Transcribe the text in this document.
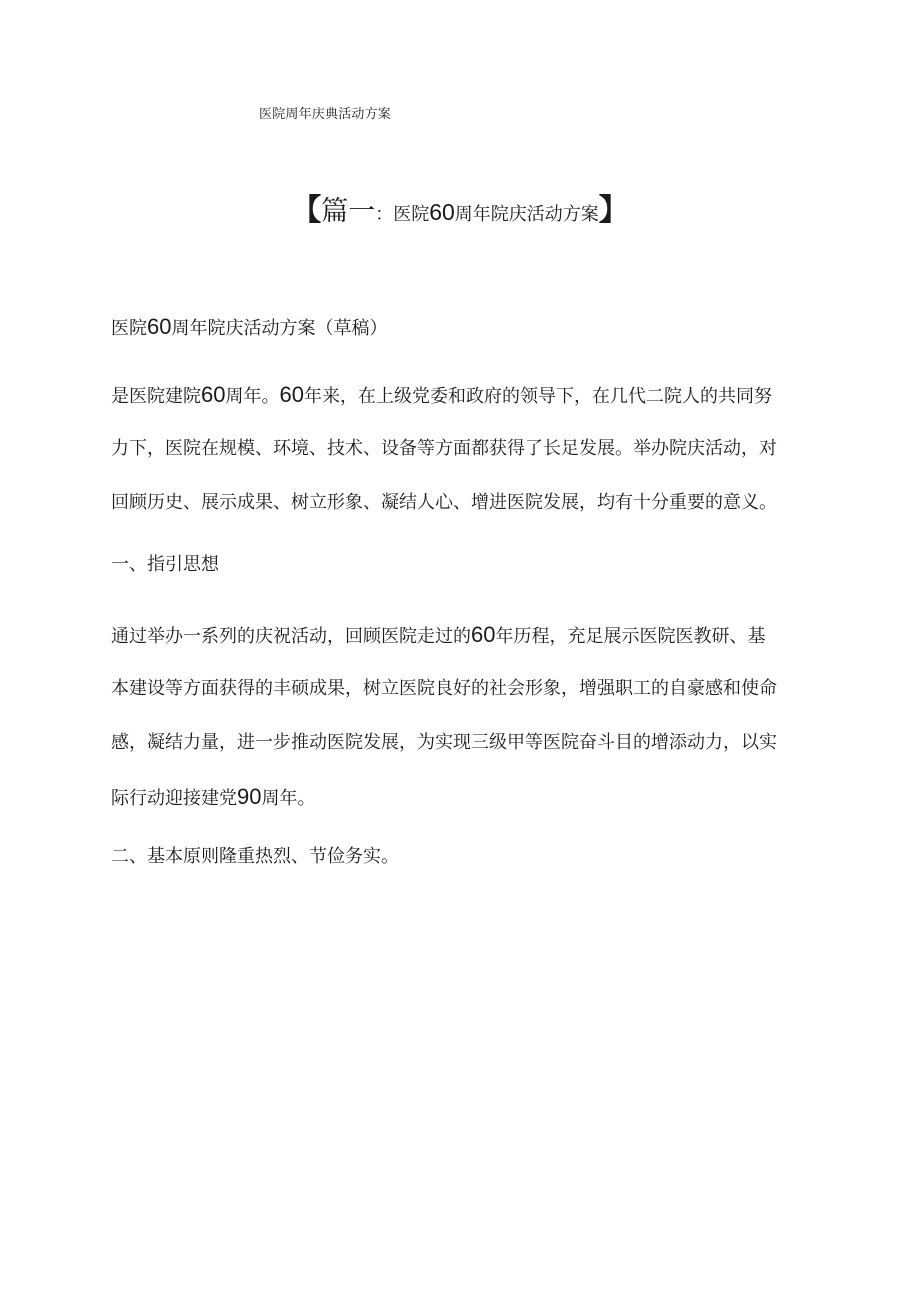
医院周年庆典活动方案
【篇一：医院60周年院庆活动方案】
医院60周年院庆活动方案（草稿）
是医院建院60周年。60年来，在上级党委和政府的领导下，在几代二院人的共同努
力下，医院在规模、环境、技术、设备等方面都获得了长足发展。举办院庆活动，对
回顾历史、展示成果、树立形象、凝结人心、增进医院发展，均有十分重要的意义。
一、指引思想
通过举办一系列的庆祝活动，回顾医院走过的60年历程，充足展示医院医教研、基
本建设等方面获得的丰硕成果，树立医院良好的社会形象，增强职工的自豪感和使命
感，凝结力量，进一步推动医院发展，为实现三级甲等医院奋斗目的增添动力，以实
际行动迎接建党90周年。
二、基本原则隆重热烈、节俭务实。
